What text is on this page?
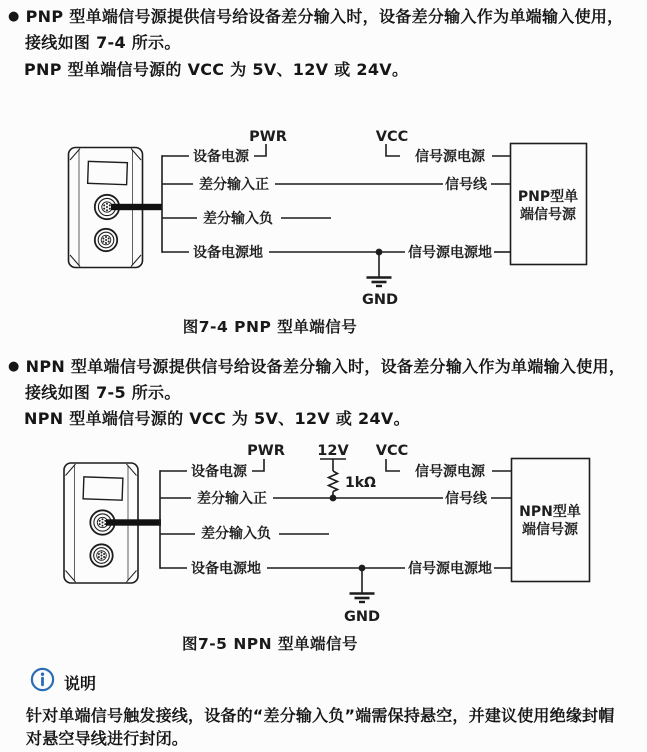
● PNP 型单端信号源提供信号给设备差分输入时，设备差分输入作为单端输入使用，
接线如图 7-4 所示。
PNP 型单端信号源的 VCC 为 5V、12V 或 24V。
PNP型单
端信号源
PWR	VCC
设备电源	信号源电源
差分输入正	信号线
差分输入负
设备电源地	信号源电源地
GND
图7-4 PNP 型单端信号
● NPN 型单端信号源提供信号给设备差分输入时，设备差分输入作为单端输入使用，
接线如图 7-5 所示。
NPN 型单端信号源的 VCC 为 5V、12V 或 24V。
NPN型单
端信号源
PWR 12V VCC
1kΩ
设备电源	信号源电源
差分输入正	信号线
差分输入负
设备电源地	信号源电源地
GND
图7-5 NPN 型单端信号
说明
针对单端信号触发接线，设备的“差分输入负”端需保持悬空，并建议使用绝缘封帽
对悬空导线进行封闭。
